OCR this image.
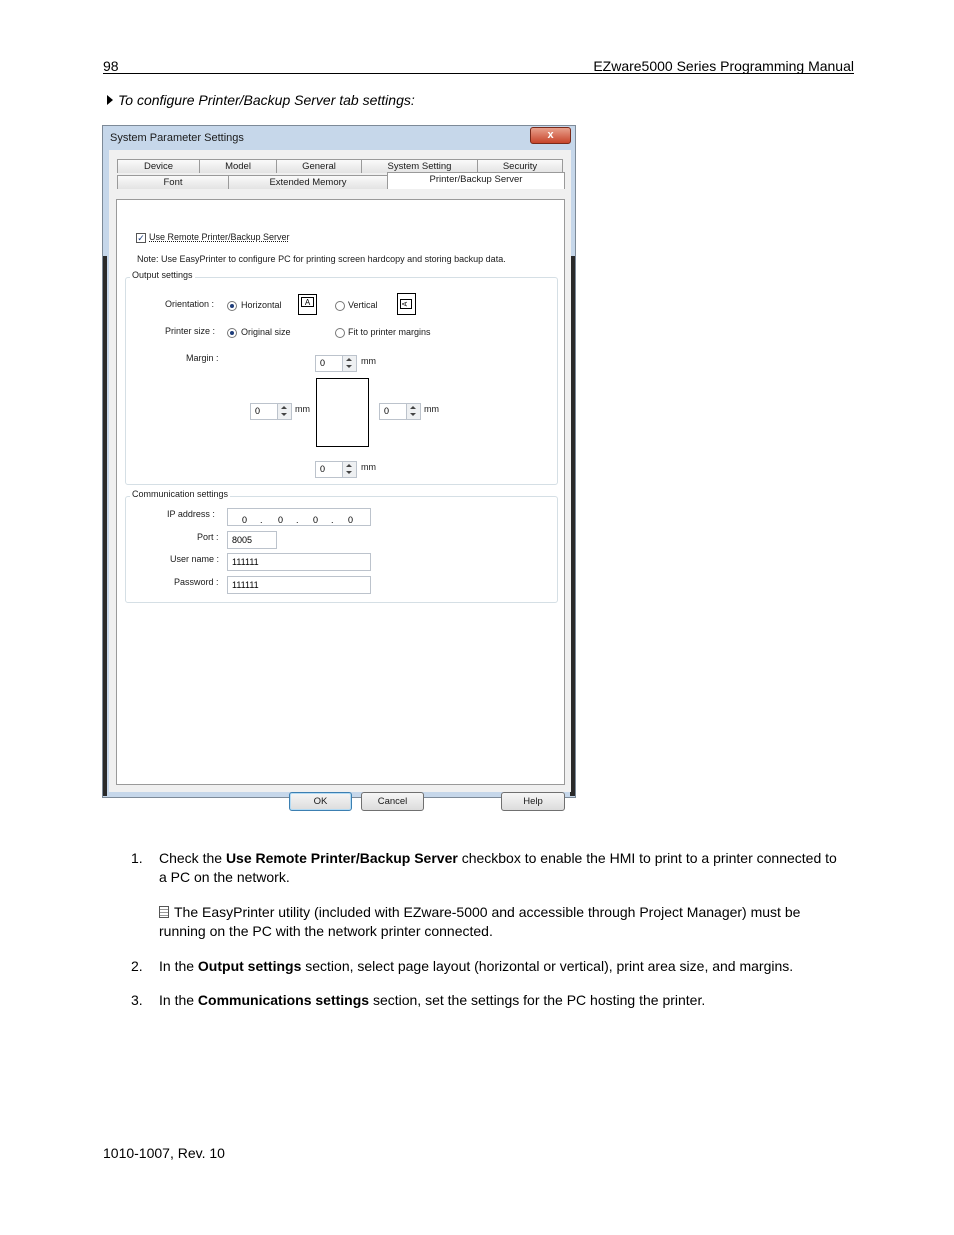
98	EZware5000 Series Programming Manual
To configure Printer/Backup Server tab settings:
System Parameter Settings	x
Device	Model	General	System Setting	Security
Font	Extended Memory	Printer/Backup Server
✓ Use Remote Printer/Backup Server
Note: Use EasyPrinter to configure PC for printing screen hardcopy and storing backup data.
Output settings
Orientation :	Horizontal	A	Vertical	A
Printer size :	Original size	Fit to printer margins
Margin :	0	mm
0	mm	0	mm
0	mm
Communication settings
IP address :
0 . 0 . 0 . 0
Port :	8005
User name :	111111
Password :	111111
OK	Cancel	Help
1. Check the Use Remote Printer/Backup Server checkbox to enable the HMI to print to a printer connected to
a PC on the network.
The EasyPrinter utility (included with EZware-5000 and accessible through Project Manager) must be
running on the PC with the network printer connected.
2. In the Output settings section, select page layout (horizontal or vertical), print area size, and margins.
3. In the Communications settings section, set the settings for the PC hosting the printer.
1010-1007, Rev. 10
